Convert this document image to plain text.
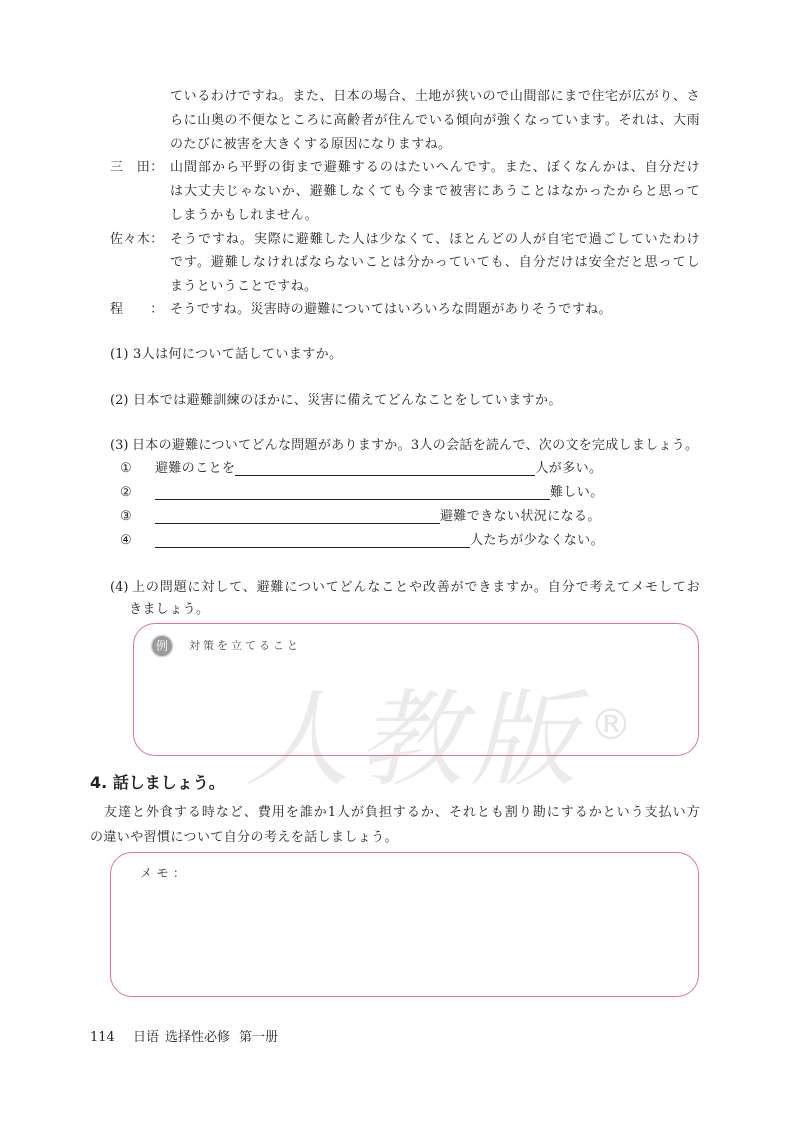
人教版 ®
ているわけですね。また、日本の場合、土地が狭いので山間部にまで住宅が広がり、さ
らに山奥の不便なところに高齢者が住んでいる傾向が強くなっています。それは、大雨
のたびに被害を大きくする原因になりますね。
三　田： 山間部から平野の街まで避難するのはたいへんです。また、ぼくなんかは、自分だけ
は大丈夫じゃないか、避難しなくても今まで被害にあうことはなかったからと思って
しまうかもしれません。
佐々木： そうですね。実際に避難した人は少なくて、ほとんどの人が自宅で過ごしていたわけ
です。避難しなければならないことは分かっていても、自分だけは安全だと思ってし
まうということですね。
程　　： そうですね。災害時の避難についてはいろいろな問題がありそうですね。
(1) 3人は何について話していますか。
(2) 日本では避難訓練のほかに、災害に備えてどんなことをしていますか。
(3) 日本の避難についてどんな問題がありますか。3人の会話を読んで、次の文を完成しましょう。
① 避難のことを	人が多い。
②	難しい。
③	避難できない状況になる。
④	人たちが少なくない。
(4) 上の問題に対して、避難についてどんなことや改善ができますか。自分で考えてメモしてお
きましょう。
例	対策を立てること
4. 話しましょう。
友達と外食する時など、費用を誰か1人が負担するか、それとも割り勘にするかという支払い方
の違いや習慣について自分の考えを話しましょう。
メモ：
114 日语 选择性必修 第一册
